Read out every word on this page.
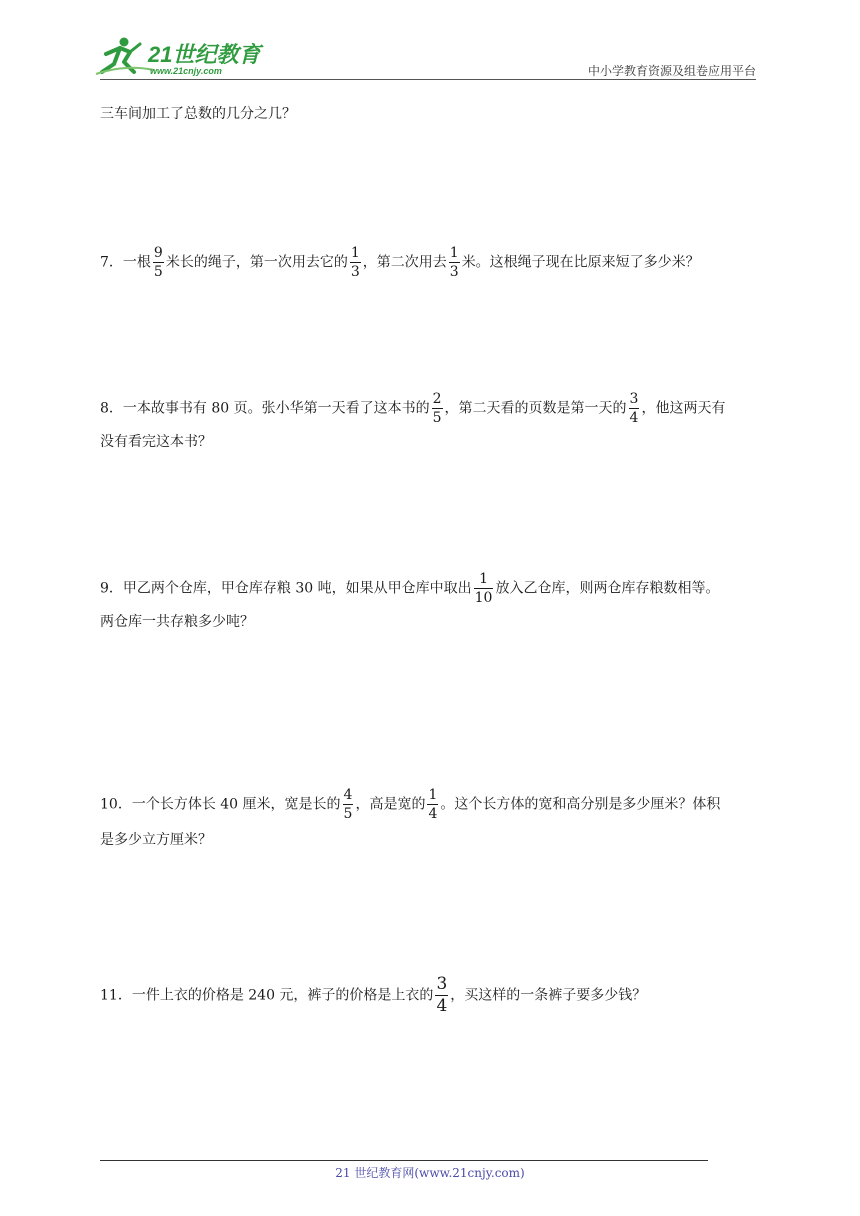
21世纪教育
www.21cnjy.com	中小学教育资源及组卷应用平台
三车间加工了总数的几分之几？
7．一根 $\frac{9}{5}$ 米长的绳子，第一次用去它的 $\frac{1}{3}$ ，第二次用去 $\frac{1}{3}$ 米。这根绳子现在比原来短了多少米？
8．一本故事书有 80 页。张小华第一天看了这本书的 $\frac{2}{5}$ ，第二天看的页数是第一天的 $\frac{3}{4}$ ，他这两天有
没有看完这本书？
9．甲乙两个仓库，甲仓库存粮 30 吨，如果从甲仓库中取出 $\frac{1}{10}$ 放入乙仓库，则两仓库存粮数相等。
两仓库一共存粮多少吨？
10．一个长方体长 40 厘米，宽是长的 $\frac{4}{5}$ ，高是宽的 $\frac{1}{4}$ 。这个长方体的宽和高分别是多少厘米？体积
是多少立方厘米？
11．一件上衣的价格是 240 元，裤子的价格是上衣的 $\frac{3}{4}$ ，买这样的一条裤子要多少钱？
21 世纪教育网(www.21cnjy.com)
